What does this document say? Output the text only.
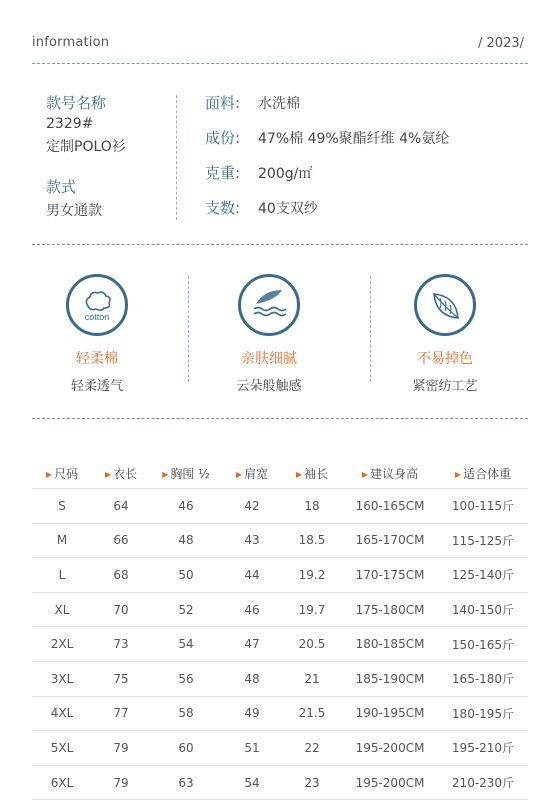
information	/ 2023/
款号名称
2329#
定制POLO衫
款式
男女通款
面料: 水洗棉
成份: 47%棉 49%聚酯纤维 4%氨纶
克重: 200g/㎡
支数: 40支双纱
cotton
轻柔棉
轻柔透气
亲肤细腻
云朵般触感
不易掉色
紧密纺工艺
▶ 尺码	▶ 衣长	▶ 胸围 ½	▶ 肩宽	▶ 袖长	▶ 建议身高	▶ 适合体重
S	64	46	42	18	160-165CM	100-115斤
M	66	48	43	18.5	165-170CM	115-125斤
L	68	50	44	19.2	170-175CM	125-140斤
XL	70	52	46	19.7	175-180CM	140-150斤
2XL	73	54	47	20.5	180-185CM	150-165斤
3XL	75	56	48	21	185-190CM	165-180斤
4XL	77	58	49	21.5	190-195CM	180-195斤
5XL	79	60	51	22	195-200CM	195-210斤
6XL	79	63	54	23	195-200CM	210-230斤
